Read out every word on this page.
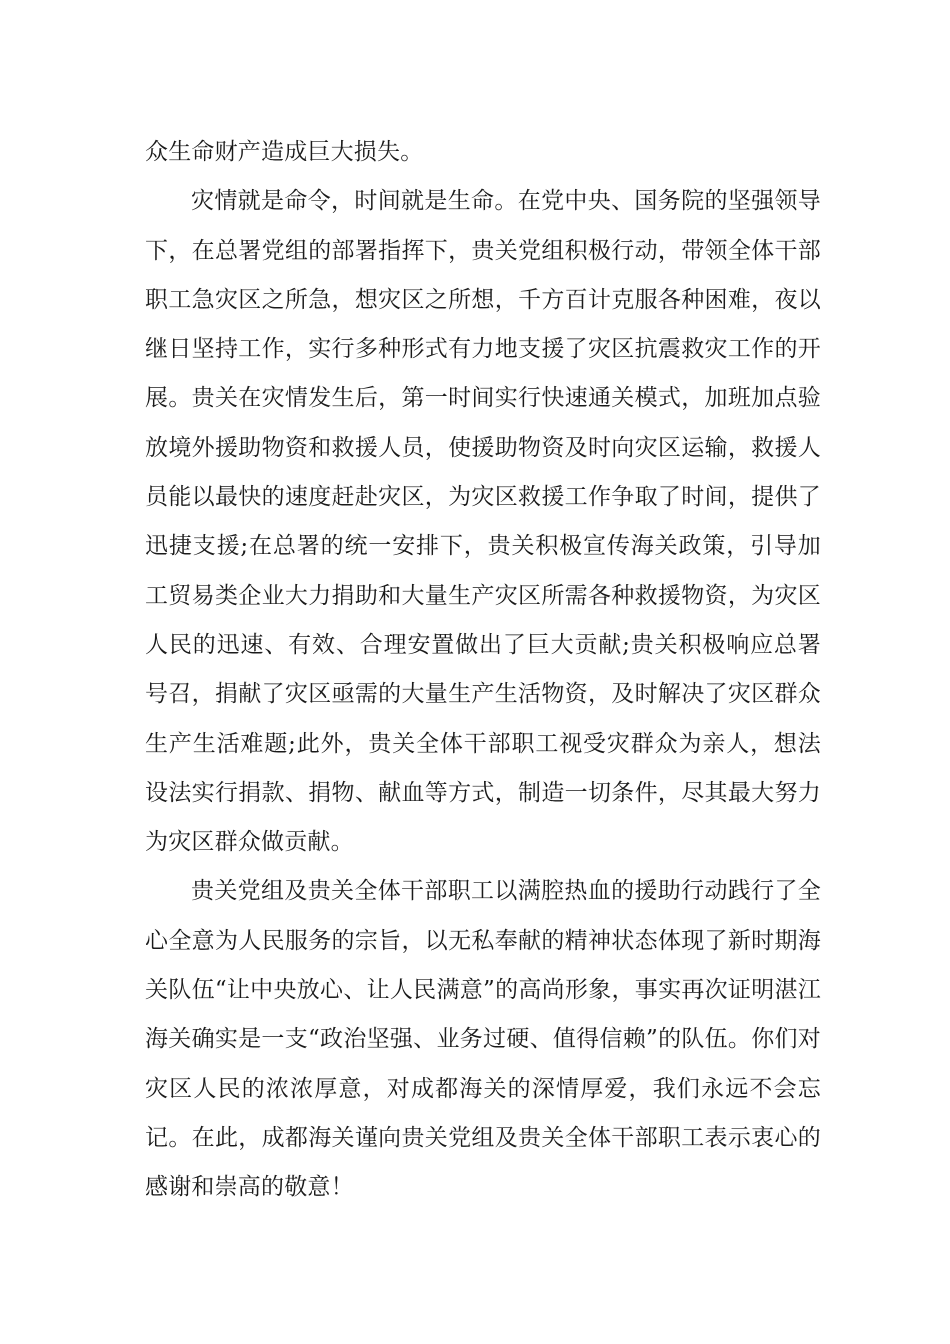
众生命财产造成巨大损失。

灾情就是命令，时间就是生命。在党中央、国务院的坚强领导下，在总署党组的部署指挥下，贵关党组积极行动，带领全体干部职工急灾区之所急，想灾区之所想，千方百计克服各种困难，夜以继日坚持工作，实行多种形式有力地支援了灾区抗震救灾工作的开展。贵关在灾情发生后，第一时间实行快速通关模式，加班加点验放境外援助物资和救援人员，使援助物资及时向灾区运输，救援人员能以最快的速度赶赴灾区，为灾区救援工作争取了时间，提供了迅捷支援;在总署的统一安排下，贵关积极宣传海关政策，引导加工贸易类企业大力捐助和大量生产灾区所需各种救援物资，为灾区人民的迅速、有效、合理安置做出了巨大贡献;贵关积极响应总署号召，捐献了灾区亟需的大量生产生活物资，及时解决了灾区群众生产生活难题;此外，贵关全体干部职工视受灾群众为亲人，想法设法实行捐款、捐物、献血等方式，制造一切条件，尽其最大努力为灾区群众做贡献。

贵关党组及贵关全体干部职工以满腔热血的援助行动践行了全心全意为人民服务的宗旨，以无私奉献的精神状态体现了新时期海关队伍“让中央放心、让人民满意”的高尚形象，事实再次证明湛江海关确实是一支“政治坚强、业务过硬、值得信赖”的队伍。你们对灾区人民的浓浓厚意，对成都海关的深情厚爱，我们永远不会忘记。在此，成都海关谨向贵关党组及贵关全体干部职工表示衷心的感谢和崇高的敬意！
